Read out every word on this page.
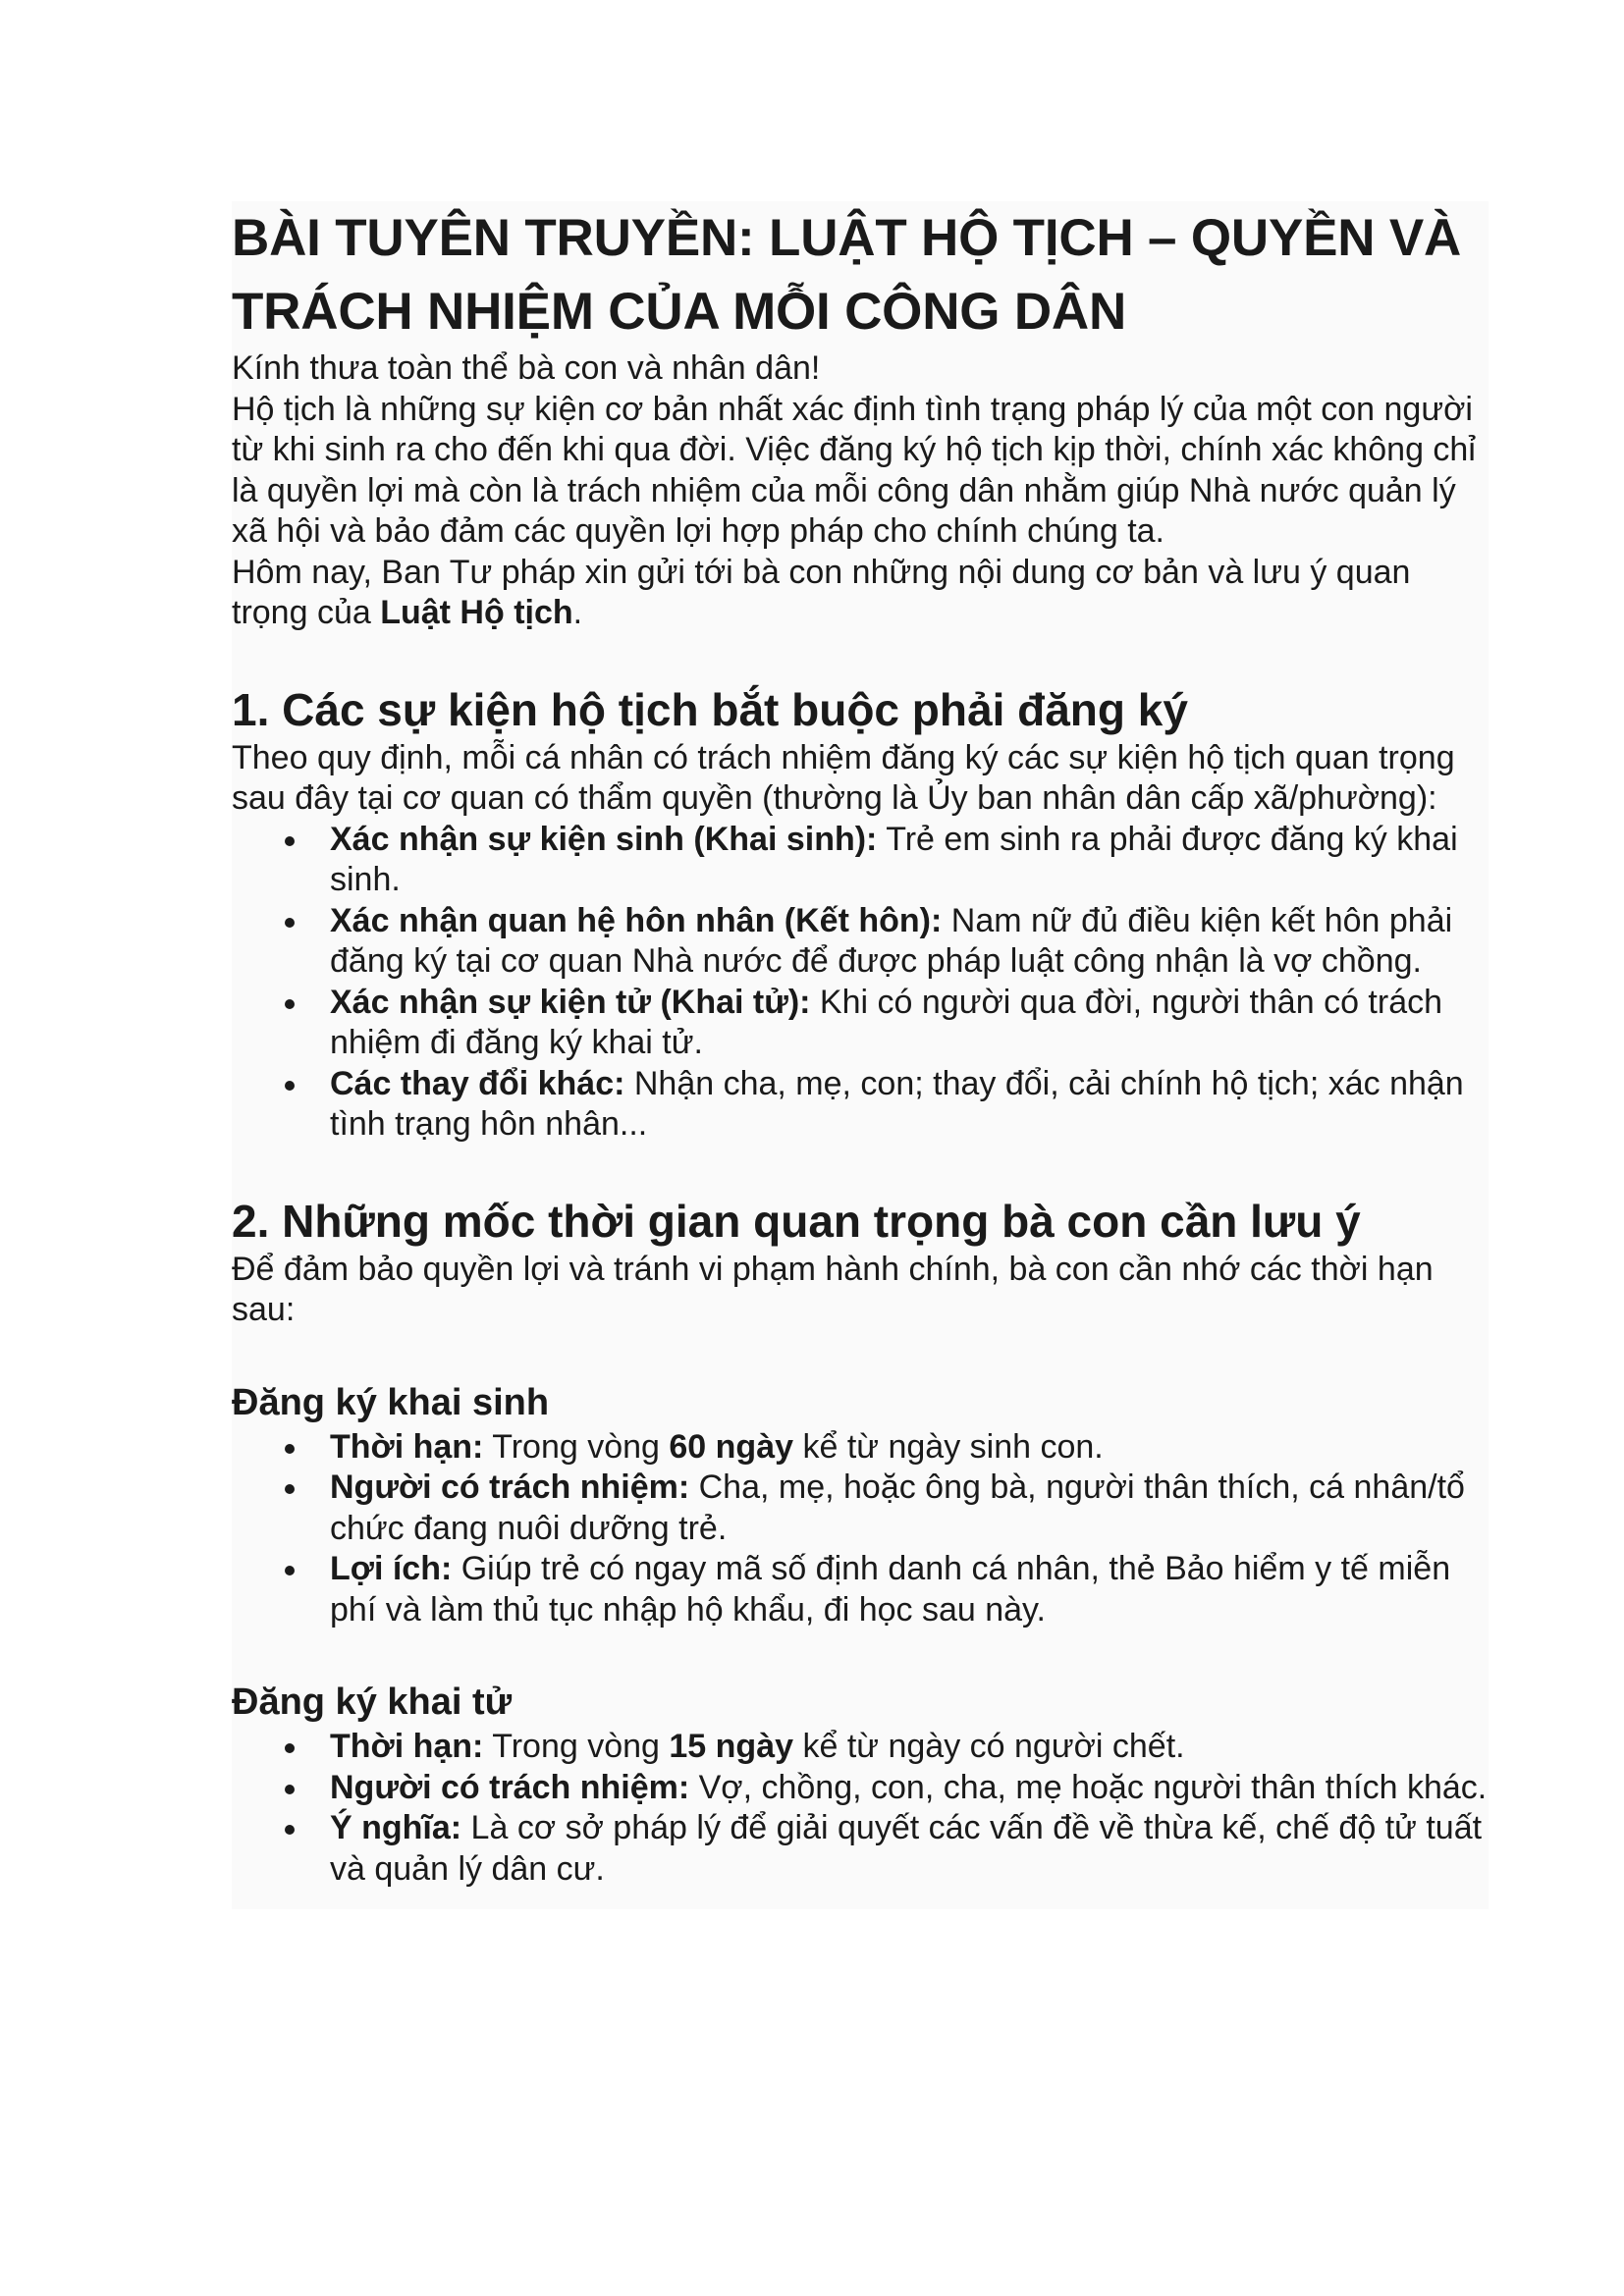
BÀI TUYÊN TRUYỀN: LUẬT HỘ TỊCH – QUYỀN VÀ TRÁCH NHIỆM CỦA MỖI CÔNG DÂN

Kính thưa toàn thể bà con và nhân dân!

Hộ tịch là những sự kiện cơ bản nhất xác định tình trạng pháp lý của một con người từ khi sinh ra cho đến khi qua đời. Việc đăng ký hộ tịch kịp thời, chính xác không chỉ là quyền lợi mà còn là trách nhiệm của mỗi công dân nhằm giúp Nhà nước quản lý xã hội và bảo đảm các quyền lợi hợp pháp cho chính chúng ta.

Hôm nay, Ban Tư pháp xin gửi tới bà con những nội dung cơ bản và lưu ý quan trọng của Luật Hộ tịch.

1. Các sự kiện hộ tịch bắt buộc phải đăng ký

Theo quy định, mỗi cá nhân có trách nhiệm đăng ký các sự kiện hộ tịch quan trọng sau đây tại cơ quan có thẩm quyền (thường là Ủy ban nhân dân cấp xã/phường):

Xác nhận sự kiện sinh (Khai sinh): Trẻ em sinh ra phải được đăng ký khai sinh.
Xác nhận quan hệ hôn nhân (Kết hôn): Nam nữ đủ điều kiện kết hôn phải đăng ký tại cơ quan Nhà nước để được pháp luật công nhận là vợ chồng.
Xác nhận sự kiện tử (Khai tử): Khi có người qua đời, người thân có trách nhiệm đi đăng ký khai tử.
Các thay đổi khác: Nhận cha, mẹ, con; thay đổi, cải chính hộ tịch; xác nhận tình trạng hôn nhân...
2. Những mốc thời gian quan trọng bà con cần lưu ý

Để đảm bảo quyền lợi và tránh vi phạm hành chính, bà con cần nhớ các thời hạn sau:

Đăng ký khai sinh
Thời hạn: Trong vòng 60 ngày kể từ ngày sinh con.
Người có trách nhiệm: Cha, mẹ, hoặc ông bà, người thân thích, cá nhân/tổ chức đang nuôi dưỡng trẻ.
Lợi ích: Giúp trẻ có ngay mã số định danh cá nhân, thẻ Bảo hiểm y tế miễn phí và làm thủ tục nhập hộ khẩu, đi học sau này.
Đăng ký khai tử
Thời hạn: Trong vòng 15 ngày kể từ ngày có người chết.
Người có trách nhiệm: Vợ, chồng, con, cha, mẹ hoặc người thân thích khác.
Ý nghĩa: Là cơ sở pháp lý để giải quyết các vấn đề về thừa kế, chế độ tử tuất và quản lý dân cư.
